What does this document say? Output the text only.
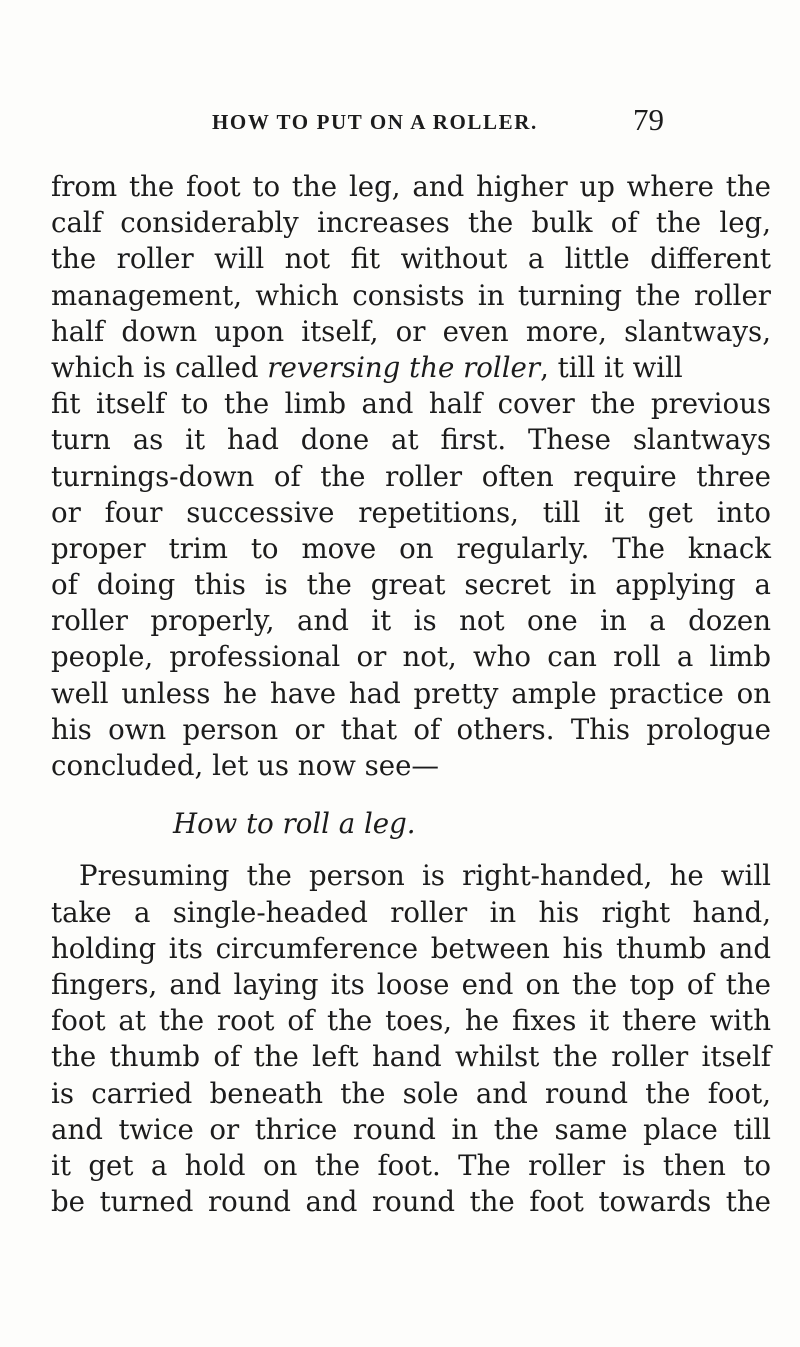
HOW TO PUT ON A ROLLER.	79
from the foot to the leg, and higher up where the
calf considerably increases the bulk of the leg,
the roller will not fit without a little different
management, which consists in turning the roller
half down upon itself, or even more, slantways,
which is called reversing the roller, till it will
fit itself to the limb and half cover the previous
turn as it had done at first. These slantways
turnings-down of the roller often require three
or four successive repetitions, till it get into
proper trim to move on regularly. The knack
of doing this is the great secret in applying a
roller properly, and it is not one in a dozen
people, professional or not, who can roll a limb
well unless he have had pretty ample practice on
his own person or that of others. This prologue
concluded, let us now see—
How to roll a leg.
Presuming the person is right-handed, he will
take a single-headed roller in his right hand,
holding its circumference between his thumb and
fingers, and laying its loose end on the top of the
foot at the root of the toes, he fixes it there with
the thumb of the left hand whilst the roller itself
is carried beneath the sole and round the foot,
and twice or thrice round in the same place till
it get a hold on the foot. The roller is then to
be turned round and round the foot towards the
